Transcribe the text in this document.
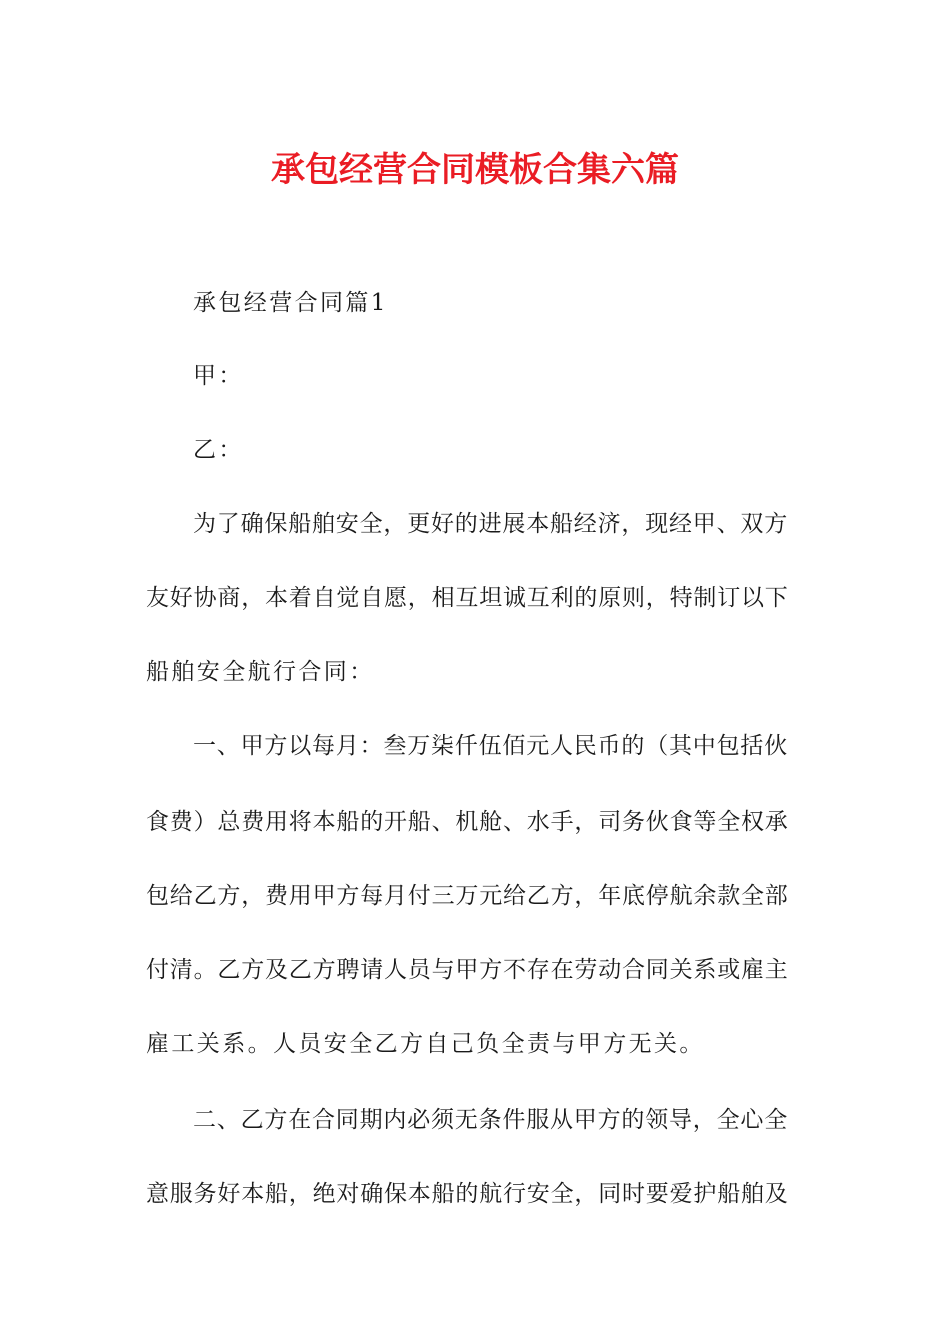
承包经营合同模板合集六篇
承包经营合同篇1
甲：
乙：
为了确保船舶安全，更好的进展本船经济，现经甲、双方
友好协商，本着自觉自愿，相互坦诚互利的原则，特制订以下
船舶安全航行合同：
一、甲方以每月：叁万柒仟伍佰元人民币的（其中包括伙
食费）总费用将本船的开船、机舱、水手，司务伙食等全权承
包给乙方，费用甲方每月付三万元给乙方，年底停航余款全部
付清。乙方及乙方聘请人员与甲方不存在劳动合同关系或雇主
雇工关系。人员安全乙方自己负全责与甲方无关。
二、乙方在合同期内必须无条件服从甲方的领导，全心全
意服务好本船，绝对确保本船的航行安全，同时要爱护船舶及
